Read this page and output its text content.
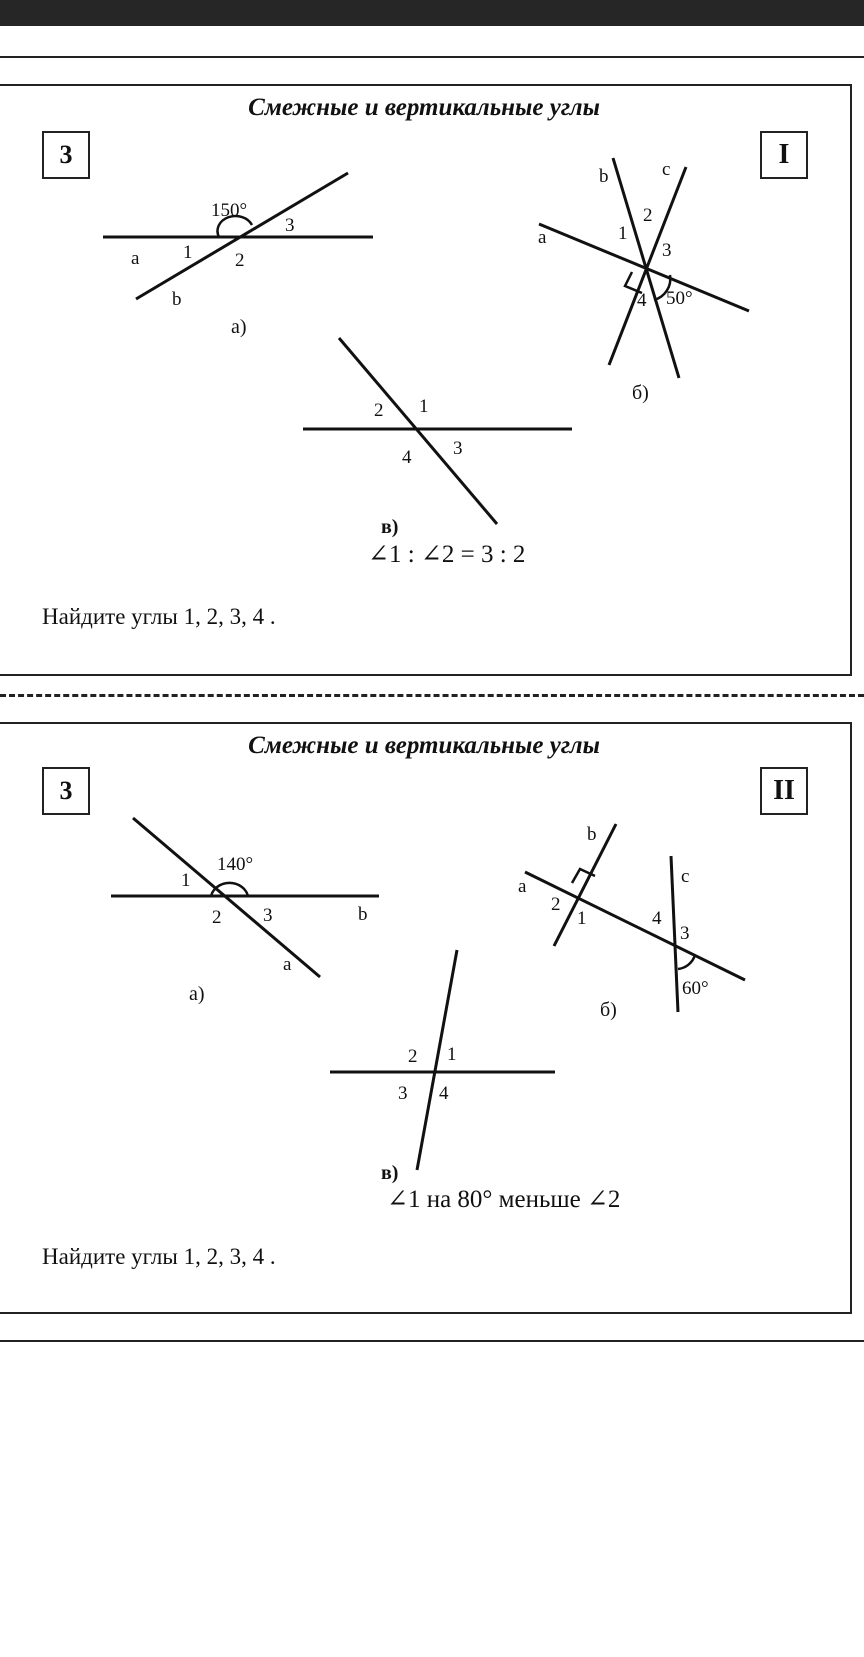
Смежные и вертикальные углы
3	I
150°
1 2
3
a
b
а)
1
2
3
4 50°
a
b	c
б)
2 1
4 3
в)
∠1 : ∠2 = 3 : 2
Найдите углы 1, 2, 3, 4 .
Смежные и вертикальные углы
3	II
140°
1
2 3	b
a
а)
a
b
c
1
2
3
4
60°
б)
2 1
3 4
в)
∠1 на 80° меньше ∠2
Найдите углы 1, 2, 3, 4 .
